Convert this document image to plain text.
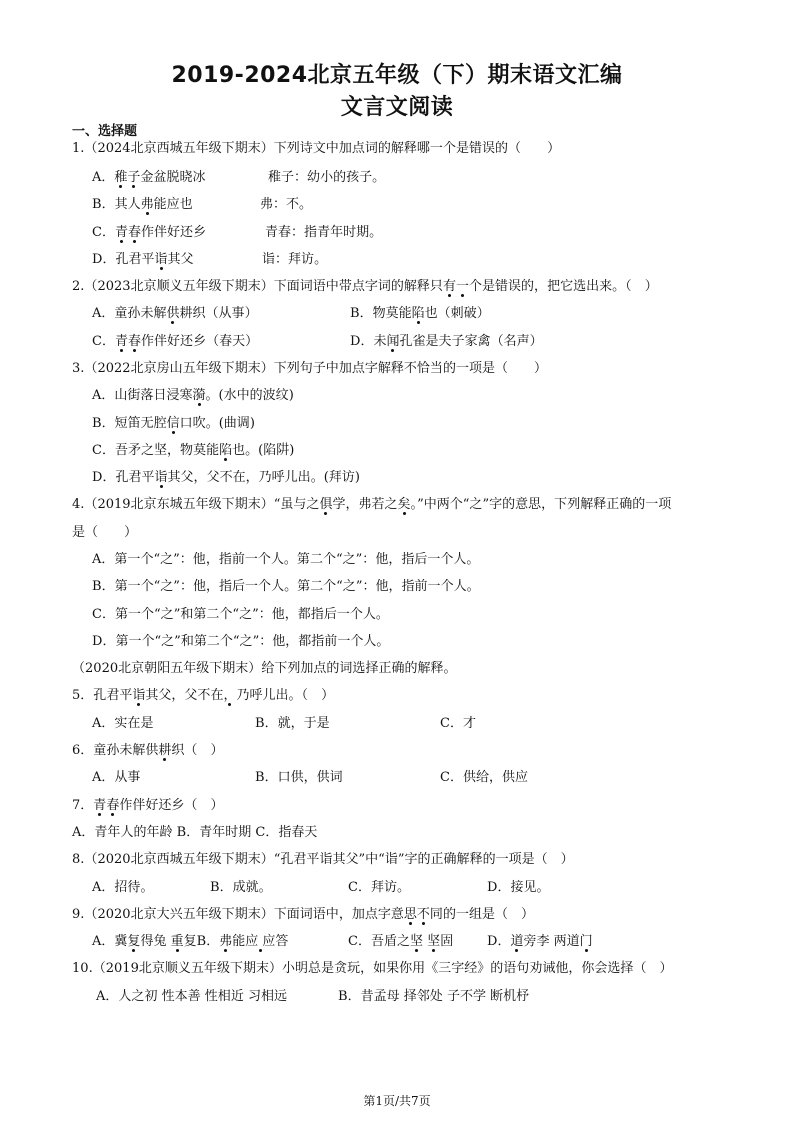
2019-2024北京五年级（下）期末语文汇编
文言文阅读
一、选择题
1.（2024北京西城五年级下期末）下列诗文中加点词的解释哪一个是错误的（　　 ）
A．稚子金盆脱晓冰	稚子：幼小的孩子。
B．其人弗能应也	弗：不。
C．青春作伴好还乡	青春：指青年时期。
D．孔君平诣其父	诣：拜访。
2.（2023北京顺义五年级下期末）下面词语中带点字词的解释只有一个是错误的，把它选出来。（　 ）
A．童孙未解供耕织（从事）	B．物莫能陷也（刺破）
C．青春作伴好还乡（春天）	D．未闻孔雀是夫子家禽（名声）
3.（2022北京房山五年级下期末）下列句子中加点字解释不恰当的一项是（　　 ）
A．山街落日浸寒漪。(水中的波纹)
B．短笛无腔信口吹。(曲调)
C．吾矛之坚，物莫能陷也。(陷阱)
D．孔君平诣其父，父不在，乃呼儿出。(拜访)
4.（2019北京东城五年级下期末）“虽与之俱学，弗若之矣。”中两个“之”字的意思，下列解释正确的一项
是（　　 ）
A．第一个“之”：他，指前一个人。第二个“之”：他，指后一个人。
B．第一个“之”：他，指后一个人。第二个“之”：他，指前一个人。
C．第一个“之”和第二个“之”：他，都指后一个人。
D．第一个“之”和第二个“之”：他，都指前一个人。
（2020北京朝阳五年级下期末）给下列加点的词选择正确的解释。
5．孔君平诣其父，父不在，乃呼儿出。（　 ）
A．实在是	B．就，于是	C．才
6．童孙未解供耕织（　 ）
A．从事	B．口供，供词	C．供给，供应
7．青春作伴好还乡（　 ）
A．青年人的年龄 B．青年时期 C．指春天
8.（2020北京西城五年级下期末）“孔君平诣其父”中“诣”字的正确解释的一项是（　 ）
A．招待。	B．成就。	C．拜访。	D．接见。
9.（2020北京大兴五年级下期末）下面词语中，加点字意思不同的一组是（　 ）
A．冀复得兔 重复B．弗能应 应答	C．吾盾之坚 坚固	D．道旁李 两道门
10.（2019北京顺义五年级下期末）小明总是贪玩，如果你用《三字经》的语句劝诫他，你会选择（　 ）
A．人之初 性本善 性相近 习相远	B．昔孟母 择邻处 子不学 断机杼
第1页/共7页
